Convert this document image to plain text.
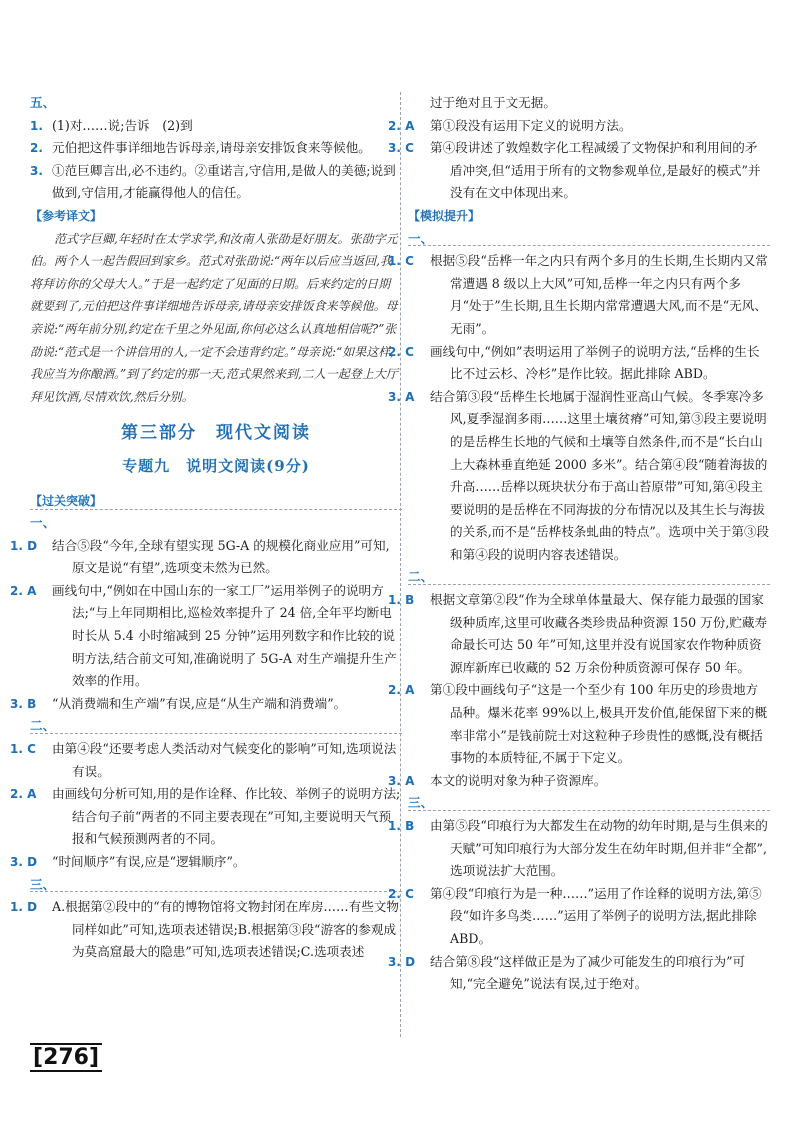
五、
1. (1)对……说;告诉　(2)到
2. 元伯把这件事详细地告诉母亲,请母亲安排饭食来等候他。
3. ①范巨卿言出,必不违约。②重诺言,守信用,是做人的美德;说到做到,守信用,才能赢得他人的信任。
【参考译文】
范式字巨卿,年轻时在太学求学,和汝南人张劭是好朋友。张劭字元伯。两个人一起告假回到家乡。范式对张劭说:“两年以后应当返回,我将拜访你的父母大人。”于是一起约定了见面的日期。后来约定的日期就要到了,元伯把这件事详细地告诉母亲,请母亲安排饭食来等候他。母亲说:“两年前分别,约定在千里之外见面,你何必这么认真地相信呢?”张劭说:“范式是一个讲信用的人,一定不会违背约定。”母亲说:“如果这样,我应当为你酿酒。”到了约定的那一天,范式果然来到,二人一起登上大厅拜见饮酒,尽情欢饮,然后分别。
第三部分　现代文阅读
专题九　说明文阅读(9分)
【过关突破】
一、
1. D 结合⑤段“今年,全球有望实现 5G-A 的规模化商业应用”可知,原文是说“有望”,选项变未然为已然。
2. A 画线句中,“例如在中国山东的一家工厂”运用举例子的说明方法;“与上年同期相比,巡检效率提升了 24 倍,全年平均断电时长从 5.4 小时缩减到 25 分钟”运用列数字和作比较的说明方法,结合前文可知,准确说明了 5G-A 对生产端提升生产效率的作用。
3. B “从消费端和生产端”有误,应是“从生产端和消费端”。
二、
1. C 由第④段“还要考虑人类活动对气候变化的影响”可知,选项说法有误。
2. A 由画线句分析可知,用的是作诠释、作比较、举例子的说明方法;结合句子前“两者的不同主要表现在”可知,主要说明天气预报和气候预测两者的不同。
3. D “时间顺序”有误,应是“逻辑顺序”。
三、
1. D A.根据第②段中的“有的博物馆将文物封闭在库房……有些文物同样如此”可知,选项表述错误;B.根据第③段“游客的参观成为莫高窟最大的隐患”可知,选项表述错误;C.选项表述
过于绝对且于文无据。
2. A 第①段没有运用下定义的说明方法。
3. C 第④段讲述了敦煌数字化工程减缓了文物保护和利用间的矛盾冲突,但“适用于所有的文物参观单位,是最好的模式”并没有在文中体现出来。
【模拟提升】
一、
1. C 根据⑤段“岳桦一年之内只有两个多月的生长期,生长期内又常常遭遇 8 级以上大风”可知,岳桦一年之内只有两个多月“处于”生长期,且生长期内常常遭遇大风,而不是“无风、无雨”。
2. C 画线句中,“例如”表明运用了举例子的说明方法,“岳桦的生长比不过云杉、冷杉”是作比较。据此排除 ABD。
3. A 结合第③段“岳桦生长地属于湿润性亚高山气候。冬季寒冷多风,夏季湿润多雨……这里土壤贫瘠”可知,第③段主要说明的是岳桦生长地的气候和土壤等自然条件,而不是“长白山上大森林垂直绝延 2000 多米”。结合第④段“随着海拔的升高……岳桦以斑块状分布于高山苔原带”可知,第④段主要说明的是岳桦在不同海拔的分布情况以及其生长与海拔的关系,而不是“岳桦枝条虬曲的特点”。选项中关于第③段和第④段的说明内容表述错误。
二、
1. B 根据文章第②段“作为全球单体量最大、保存能力最强的国家级种质库,这里可收藏各类珍贵品种资源 150 万份,贮藏寿命最长可达 50 年”可知,这里并没有说国家农作物种质资源库新库已收藏的 52 万余份种质资源可保存 50 年。
2. A 第①段中画线句子“这是一个至少有 100 年历史的珍贵地方品种。爆米花率 99%以上,极具开发价值,能保留下来的概率非常小”是钱前院士对这粒种子珍贵性的感慨,没有概括事物的本质特征,不属于下定义。
3. A 本文的说明对象为种子资源库。
三、
1. B 由第⑤段“印痕行为大都发生在动物的幼年时期,是与生俱来的天赋”可知印痕行为大部分发生在幼年时期,但并非“全都”,选项说法扩大范围。
2. C 第④段“印痕行为是一种……”运用了作诠释的说明方法,第⑤段“如许多鸟类……”运用了举例子的说明方法,据此排除 ABD。
3. D 结合第⑧段“这样做正是为了减少可能发生的印痕行为”可知,“完全避免”说法有误,过于绝对。
[ 276 ]
